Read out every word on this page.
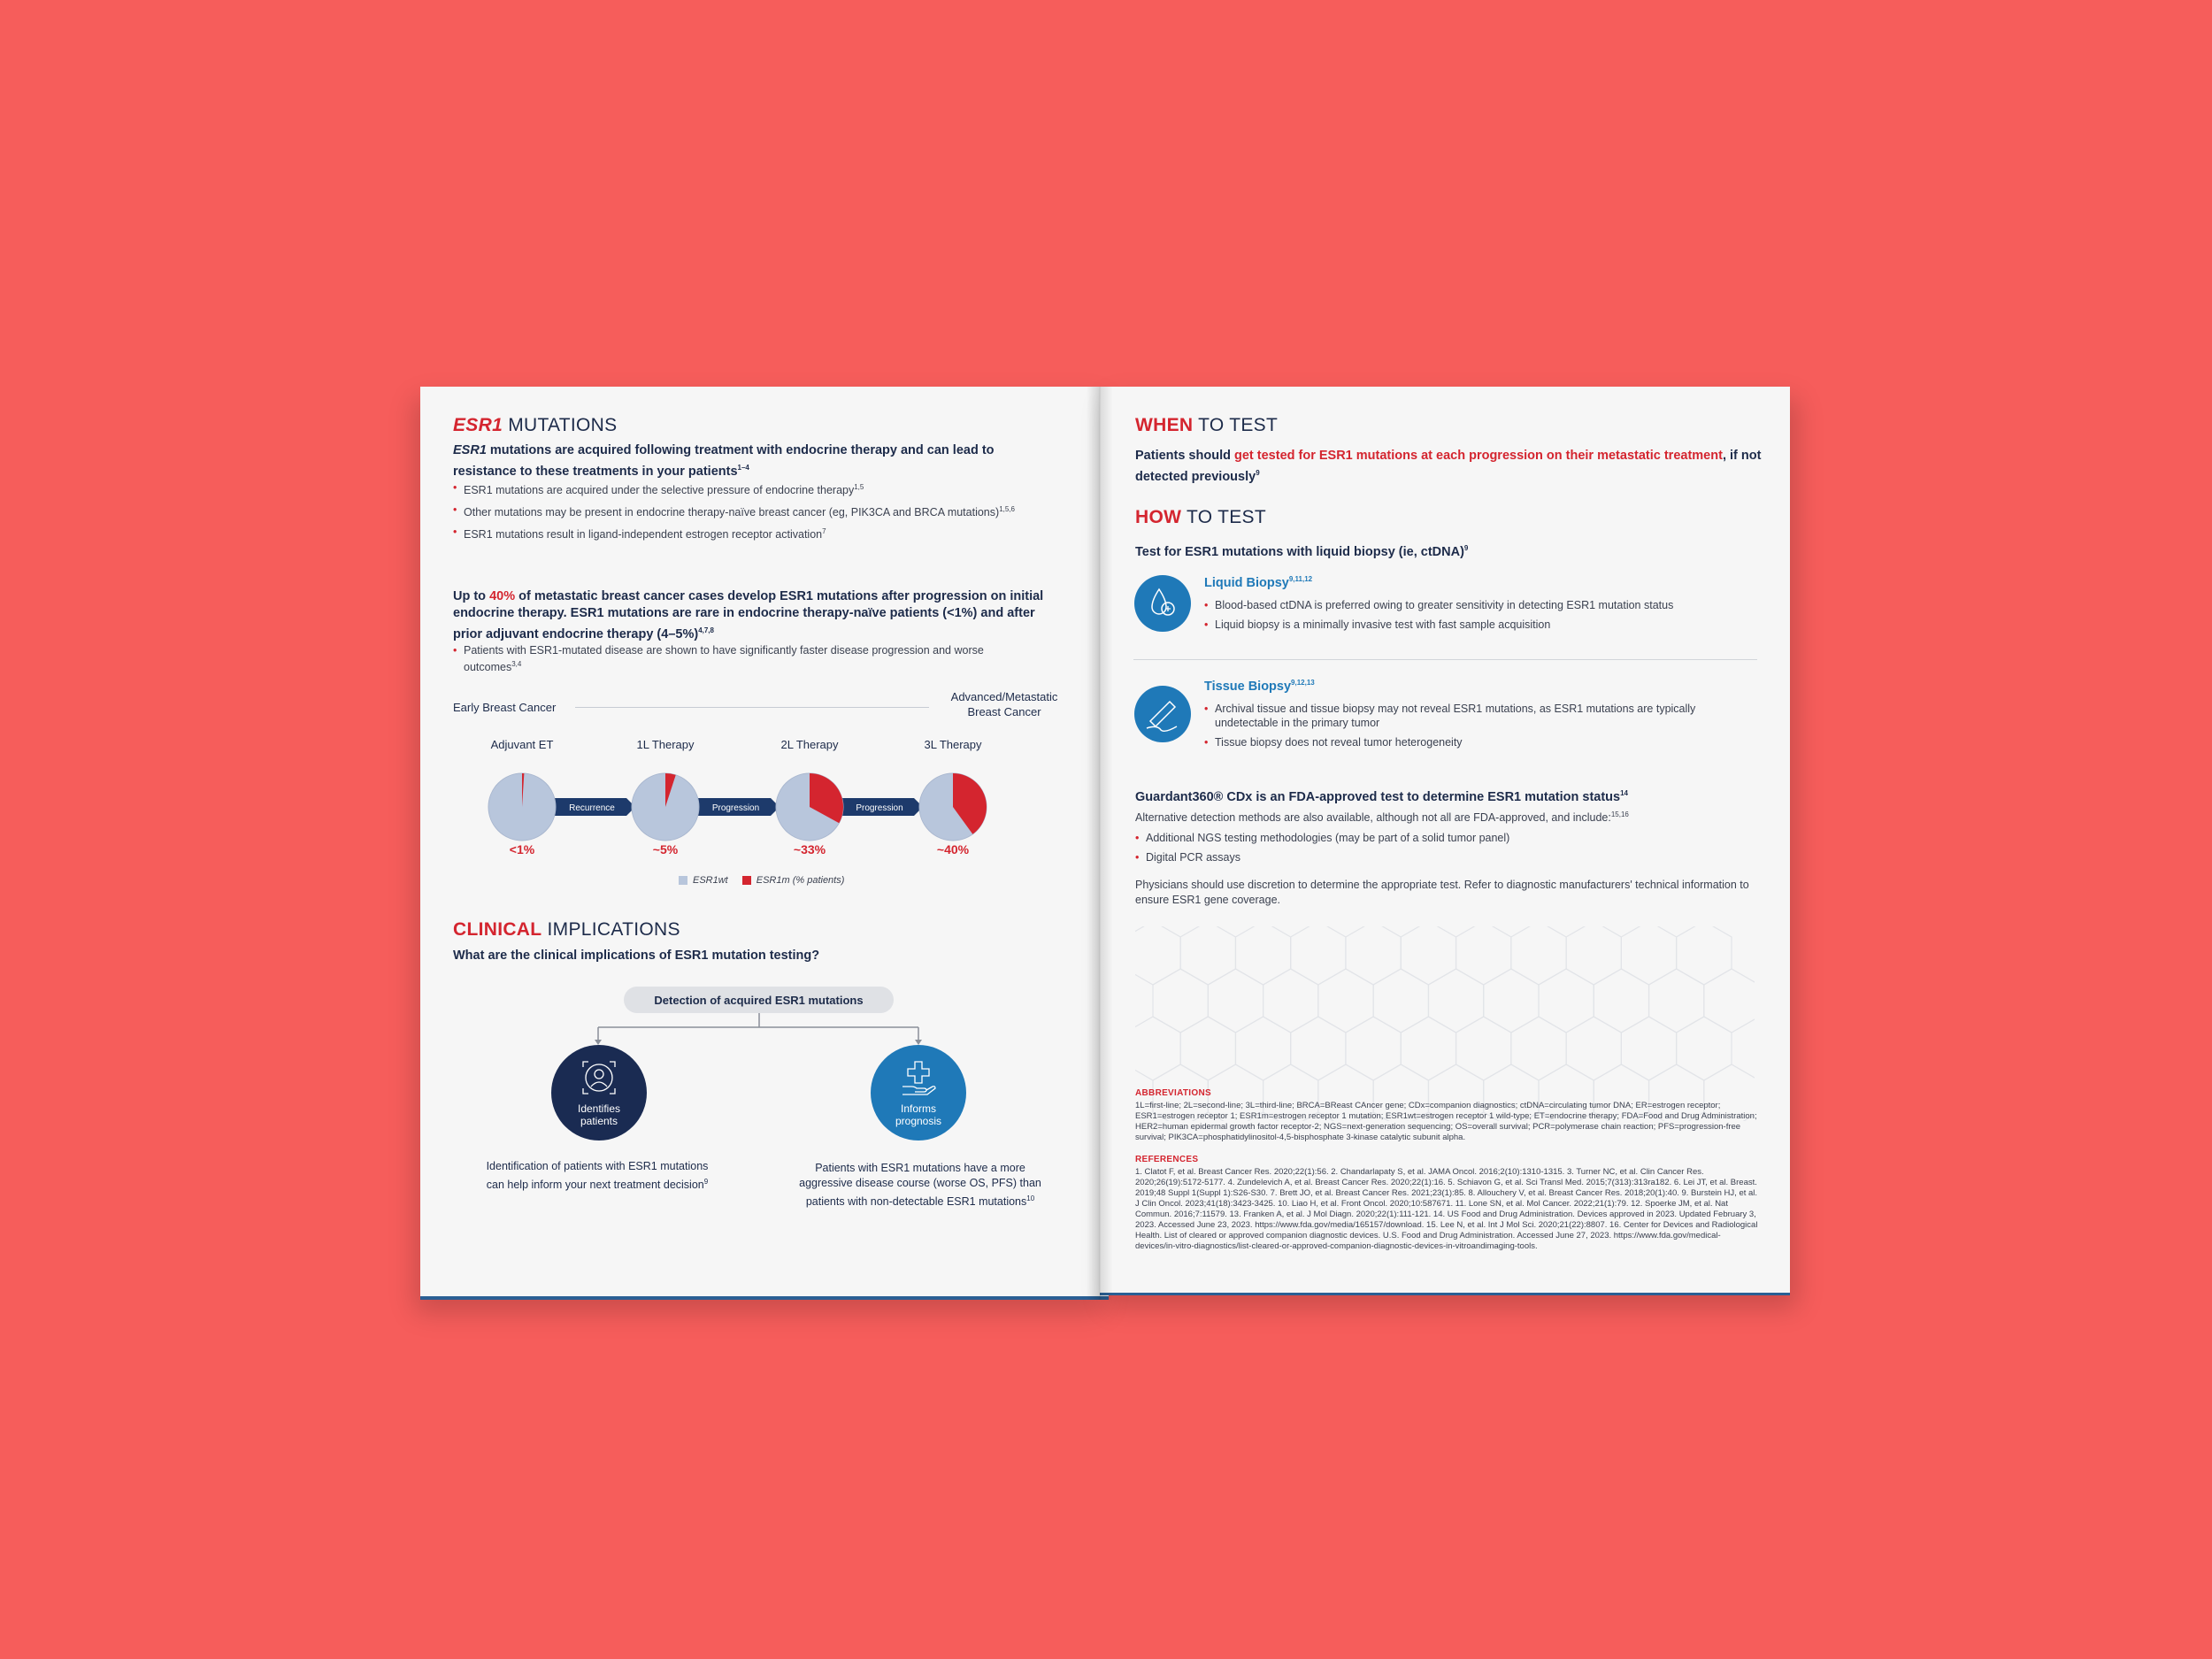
ESR1 MUTATIONS
ESR1 mutations are acquired following treatment with endocrine therapy and can lead to resistance to these treatments in your patients$^{1-4}$
• ESR1 mutations are acquired under the selective pressure of endocrine therapy$^{1,5}$
• Other mutations may be present in endocrine therapy-naïve breast cancer (eg, PIK3CA and BRCA mutations)$^{1,5,6}$
• ESR1 mutations result in ligand-independent estrogen receptor activation$^7$
Up to 40% of metastatic breast cancer cases develop ESR1 mutations after progression on initial endocrine therapy. ESR1 mutations are rare in endocrine therapy-naïve patients (<1%) and after prior adjuvant endocrine therapy $(4-5\%)^{4,7,8}$
• Patients with ESR1-mutated disease are shown to have significantly faster disease progression and worse outcomes$^{3,4}$
Early Breast Cancer
Advanced/Metastatic
Breast Cancer
Adjuvant ET	1L Therapy	2L Therapy	3L Therapy
Recurrence	Progression	Progression
<1%	~5%	~33%	~40%
ESR1wt	ESR1m (% patients)
CLINICAL IMPLICATIONS
What are the clinical implications of ESR1 mutation testing?
Detection of acquired ESR1 mutations
Identifies
patients
Informs
prognosis
Identification of patients with ESR1 mutations
can help inform your next treatment decision$^9$
Patients with ESR1 mutations have a more
aggressive disease course (worse OS, PFS) than
patients with non-detectable ESR1 mutations$^{10}$
WHEN TO TEST
Patients should get tested for ESR1 mutations at each progression on their metastatic treatment, if not detected previously$^9$
HOW TO TEST
Test for ESR1 mutations with liquid biopsy (ie, ctDNA)$^9$
Liquid Biopsy$^{9,11,12}$
• Blood-based ctDNA is preferred owing to greater sensitivity in detecting ESR1 mutation status
• Liquid biopsy is a minimally invasive test with fast sample acquisition
Tissue Biopsy$^{9,12,13}$
• Archival tissue and tissue biopsy may not reveal ESR1 mutations, as ESR1 mutations are typically undetectable in the primary tumor
• Tissue biopsy does not reveal tumor heterogeneity
Guardant360® CDx is an FDA-approved test to determine ESR1 mutation status$^{14}$
Alternative detection methods are also available, although not all are FDA-approved, and include:$^{15,16}$
• Additional NGS testing methodologies (may be part of a solid tumor panel)
• Digital PCR assays
Physicians should use discretion to determine the appropriate test. Refer to diagnostic manufacturers' technical information to ensure ESR1 gene coverage.
ABBREVIATIONS
1L=first-line; 2L=second-line; 3L=third-line; BRCA=BReast CAncer gene; CDx=companion diagnostics; ctDNA=circulating tumor DNA; ER=estrogen receptor; ESR1=estrogen receptor 1; ESR1m=estrogen receptor 1 mutation; ESR1wt=estrogen receptor 1 wild-type; ET=endocrine therapy; FDA=Food and Drug Administration; HER2=human epidermal growth factor receptor-2; NGS=next-generation sequencing; OS=overall survival; PCR=polymerase chain reaction; PFS=progression-free survival; PIK3CA=phosphatidylinositol-4,5-bisphosphate 3-kinase catalytic subunit alpha.
REFERENCES
1. Clatot F, et al. Breast Cancer Res. 2020;22(1):56. 2. Chandarlapaty S, et al. JAMA Oncol. 2016;2(10):1310-1315. 3. Turner NC, et al. Clin Cancer Res. 2020;26(19):5172-5177. 4. Zundelevich A, et al. Breast Cancer Res. 2020;22(1):16. 5. Schiavon G, et al. Sci Transl Med. 2015;7(313):313ra182. 6. Lei JT, et al. Breast. 2019;48 Suppl 1(Suppl 1):S26-S30. 7. Brett JO, et al. Breast Cancer Res. 2021;23(1):85. 8. Allouchery V, et al. Breast Cancer Res. 2018;20(1):40. 9. Burstein HJ, et al. J Clin Oncol. 2023;41(18):3423-3425. 10. Liao H, et al. Front Oncol. 2020;10:587671. 11. Lone SN, et al. Mol Cancer. 2022;21(1):79. 12. Spoerke JM, et al. Nat Commun. 2016;7:11579. 13. Franken A, et al. J Mol Diagn. 2020;22(1):111-121. 14. US Food and Drug Administration. Devices approved in 2023. Updated February 3, 2023. Accessed June 23, 2023. https://www.fda.gov/media/165157/download. 15. Lee N, et al. Int J Mol Sci. 2020;21(22):8807. 16. Center for Devices and Radiological Health. List of cleared or approved companion diagnostic devices. U.S. Food and Drug Administration. Accessed June 27, 2023. https://www.fda.gov/medical-devices/in-vitro-diagnostics/list-cleared-or-approved-companion-diagnostic-devices-in-vitroandimaging-tools.
